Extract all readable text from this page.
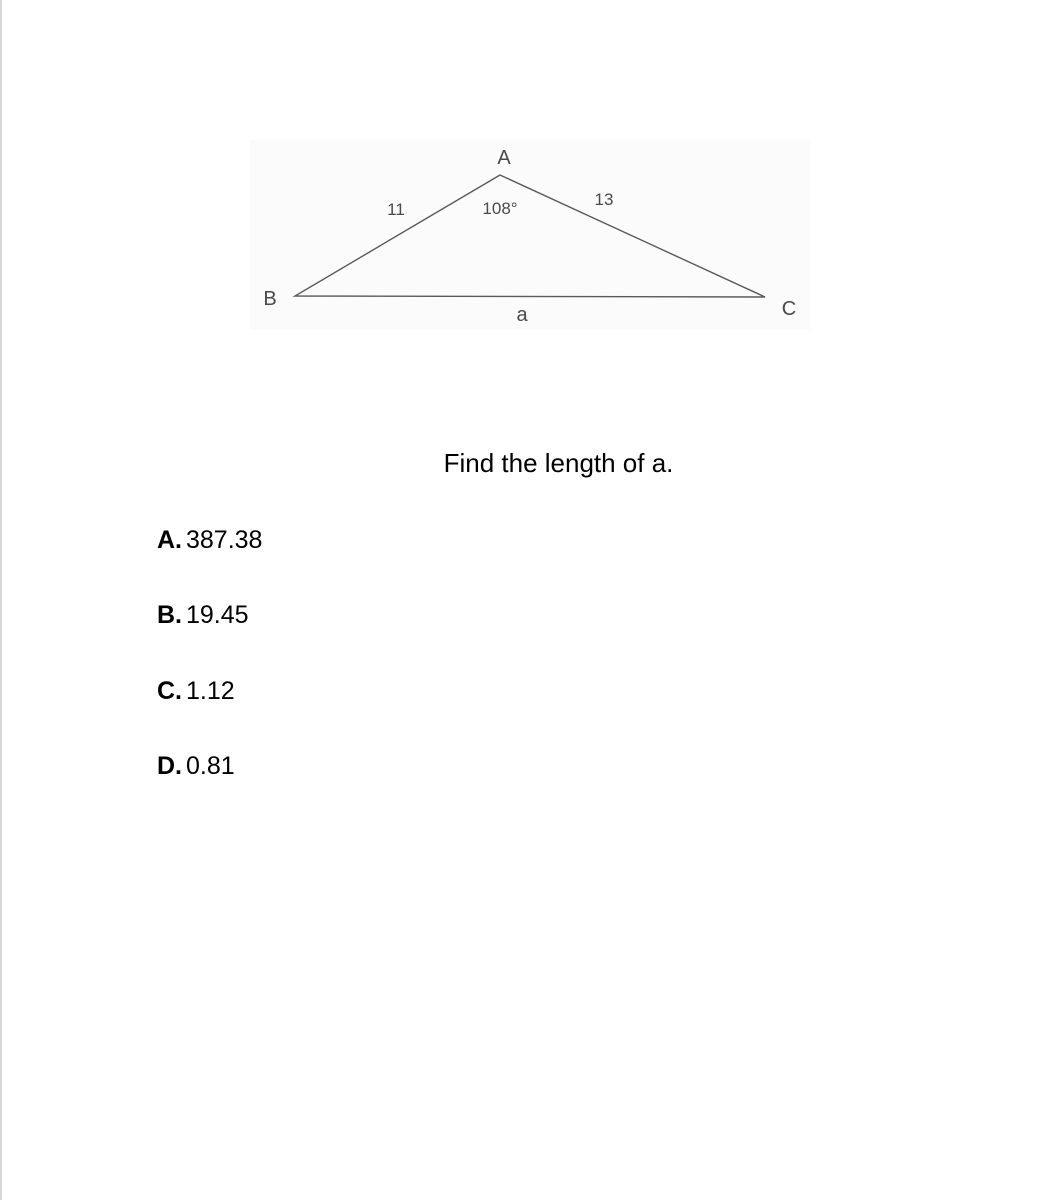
A
B	C
11
13
a
108°
Find the length of a.
A. 387.38
B. 19.45
C. 1.12
D. 0.81
